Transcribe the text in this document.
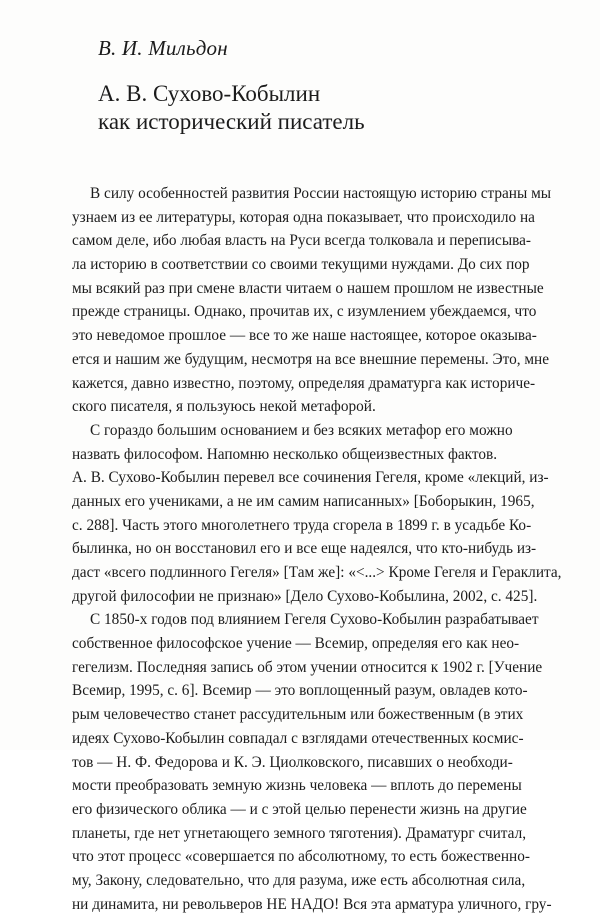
В. И. Мильдон
А. В. Сухово-Кобылин
как исторический писатель
В силу особенностей развития России настоящую историю страны мы
узнаем из ее литературы, которая одна показывает, что происходило на
самом деле, ибо любая власть на Руси всегда толковала и переписыва-
ла историю в соответствии со своими текущими нуждами. До сих пор
мы всякий раз при смене власти читаем о нашем прошлом не известные
прежде страницы. Однако, прочитав их, с изумлением убеждаемся, что
это неведомое прошлое — все то же наше настоящее, которое оказыва-
ется и нашим же будущим, несмотря на все внешние перемены. Это, мне
кажется, давно известно, поэтому, определяя драматурга как историче-
ского писателя, я пользуюсь некой метафорой.
С гораздо большим основанием и без всяких метафор его можно
назвать философом. Напомню несколько общеизвестных фактов.
А. В. Сухово-Кобылин перевел все сочинения Гегеля, кроме «лекций, из-
данных его учениками, а не им самим написанных» [Боборыкин, 1965,
с. 288]. Часть этого многолетнего труда сгорела в 1899 г. в усадьбе Ко-
былинка, но он восстановил его и все еще надеялся, что кто-нибудь из-
даст «всего подлинного Гегеля» [Там же]: «<...> Кроме Гегеля и Гераклита,
другой философии не признаю» [Дело Сухово-Кобылина, 2002, с. 425].
С 1850-х годов под влиянием Гегеля Сухово-Кобылин разрабатывает
собственное философское учение — Всемир, определяя его как нео-
гегелизм. Последняя запись об этом учении относится к 1902 г. [Учение
Всемир, 1995, с. 6]. Всемир — это воплощенный разум, овладев кото-
рым человечество станет рассудительным или божественным (в этих
идеях Сухово-Кобылин совпадал с взглядами отечественных космис-
тов — Н. Ф. Федорова и К. Э. Циолковского, писавших о необходи-
мости преобразовать земную жизнь человека — вплоть до перемены
его физического облика — и с этой целью перенести жизнь на другие
планеты, где нет угнетающего земного тяготения). Драматург считал,
что этот процесс «совершается по абсолютному, то есть божественно-
му, Закону, следовательно, что для разума, иже есть абсолютная сила,
ни динамита, ни револьверов НЕ НАДО! Вся эта арматура уличного, гру-
